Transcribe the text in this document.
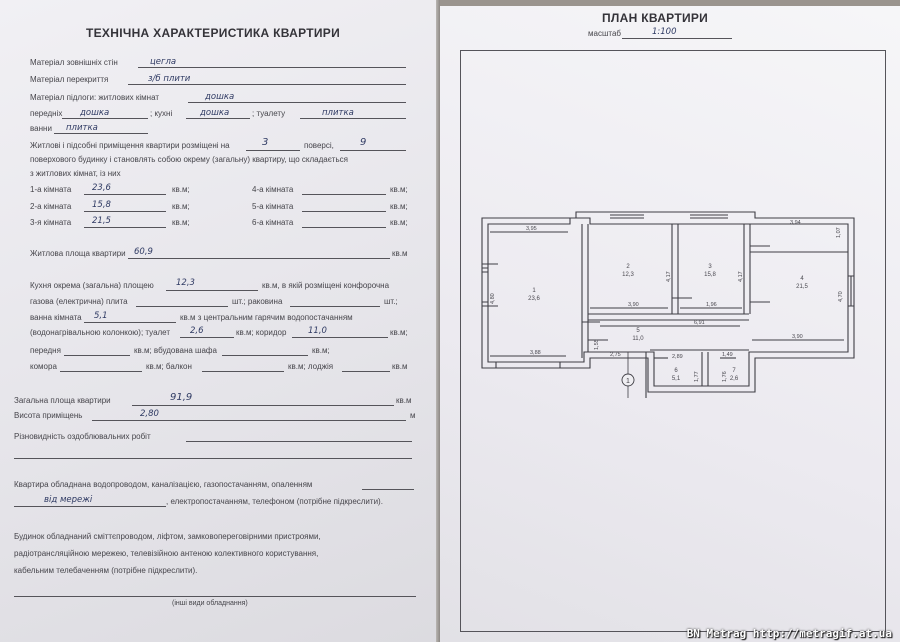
ТЕХНІЧНА ХАРАКТЕРИСТИКА КВАРТИРИ
Матеріал зовнішніх стін	цегла
Матеріал перекриття	з/б плити
Матеріал підлоги: житлових кімнат	дошка
передніх дошка	; кухні	дошка	; туалету	плитка
ванни плитка
Житлові і підсобні приміщення квартири розміщені на	3	поверсі,	9
поверхового будинку і становлять собою окрему (загальну) квартиру, що складається
з житлових кімнат, із них
1-а кімната 23,6	кв.м;
2-а кімната 15,8	кв.м;
3-я кімната 21,5	кв.м;
4-а кімната	кв.м;
5-а кімната	кв.м;
6-а кімната	кв.м;
Житлова площа квартири 60,9	кв.м
Кухня окрема (загальна) площею	12,3	кв.м, в якій розміщені конфорочна
газова (електрична) плита	шт.; раковина	шт.;
ванна кімната 5,1	кв.м з центральним гарячим водопостачанням
(водонагрівальною колонкою); туалет 2,6	кв.м; коридор	11,0	кв.м;
передня	кв.м; вбудована шафа	кв.м;
комора	кв.м; балкон	кв.м; лоджія	кв.м
Загальна площа квартири	91,9	кв.м
Висота приміщень	2,80	м
Різновидність оздоблювальних робіт
Квартира обладнана водопроводом, каналізацією, газопостачанням, опаленням
від мережі	, електропостачанням, телефоном (потрібне підкреслити).
Будинок обладнаний сміттєпроводом, ліфтом, замковопереговірними пристроями,
радіотрансляційною мережею, телевізійною антеною колективного користування,
кабельним телебаченням (потрібне підкреслити).
(інші види обладнання)
ПЛАН КВАРТИРИ
масштаб	1:100
3,95
3,94
4,80
3,88
4,70
1,07
3,90
4,17	4,17
3,90	1,96
6,91
1,55
2,75	2,89	1,49
1,76
1,77
1
23,6
2
12,3
3
15,8
4
21,5
5
11,0
6
5,1
7
2,6
1
BN Metrag http://metragif.at.ua
